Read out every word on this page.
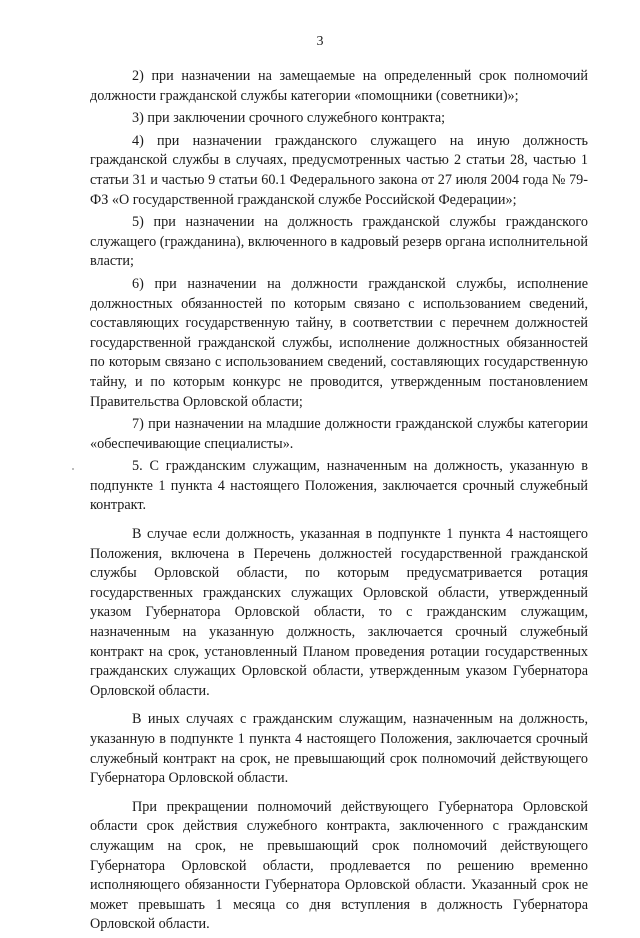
3

2) при назначении на замещаемые на определенный срок полномочий должности гражданской службы категории «помощники (советники)»;

3) при заключении срочного служебного контракта;

4) при назначении гражданского служащего на иную должность гражданской службы в случаях, предусмотренных частью 2 статьи 28, частью 1 статьи 31 и частью 9 статьи 60.1 Федерального закона от 27 июля 2004 года № 79-ФЗ «О государственной гражданской службе Российской Федерации»;

5) при назначении на должность гражданской службы гражданского служащего (гражданина), включенного в кадровый резерв органа исполнительной власти;

6) при назначении на должности гражданской службы, исполнение должностных обязанностей по которым связано с использованием сведений, составляющих государственную тайну, в соответствии с перечнем должностей государственной гражданской службы, исполнение должностных обязанностей по которым связано с использованием сведений, составляющих государственную тайну, и по которым конкурс не проводится, утвержденным постановлением Правительства Орловской области;

7) при назначении на младшие должности гражданской службы категории «обеспечивающие специалисты».

5. С гражданским служащим, назначенным на должность, указанную в подпункте 1 пункта 4 настоящего Положения, заключается срочный служебный контракт.

В случае если должность, указанная в подпункте 1 пункта 4 настоящего Положения, включена в Перечень должностей государственной гражданской службы Орловской области, по которым предусматривается ротация государственных гражданских служащих Орловской области, утвержденный указом Губернатора Орловской области, то с гражданским служащим, назначенным на указанную должность, заключается срочный служебный контракт на срок, установленный Планом проведения ротации государственных гражданских служащих Орловской области, утвержденным указом Губернатора Орловской области.

В иных случаях с гражданским служащим, назначенным на должность, указанную в подпункте 1 пункта 4 настоящего Положения, заключается срочный служебный контракт на срок, не превышающий срок полномочий действующего Губернатора Орловской области.

При прекращении полномочий действующего Губернатора Орловской области срок действия служебного контракта, заключенного с гражданским служащим на срок, не превышающий срок полномочий действующего Губернатора Орловской области, продлевается по решению временно исполняющего обязанности Губернатора Орловской области. Указанный срок не может превышать 1 месяца со дня вступления в должность Губернатора Орловской области.
